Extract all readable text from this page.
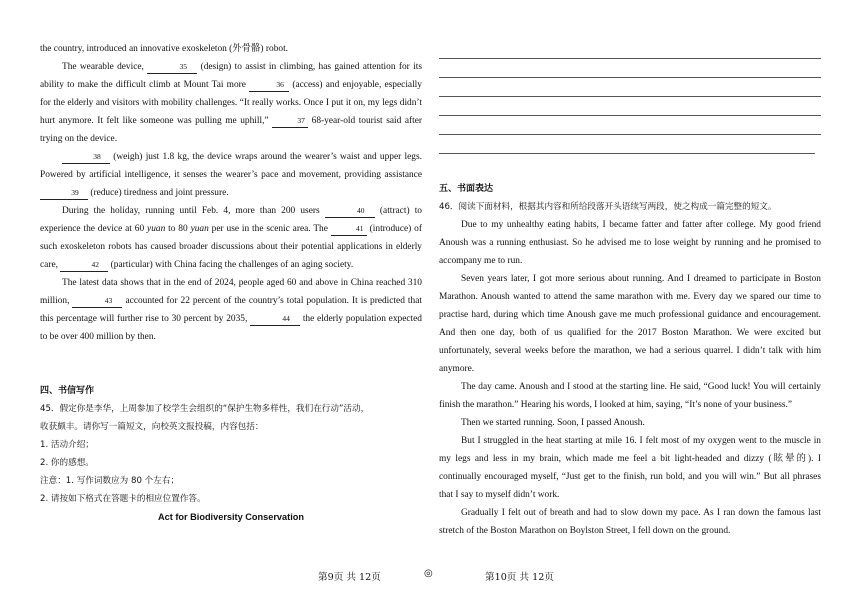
the country, introduced an innovative exoskeleton (外骨骼) robot.

The wearable device,	35 (design) to assist in climbing, has gained attention for its ability to make the difficult climb at Mount Tai more	36 (access) and enjoyable, especially for the elderly and visitors with mobility challenges. “It really works. Once I put it on, my legs didn’t hurt anymore. It felt like someone was pulling me uphill,”	37 68-year-old tourist said after trying on the device.

38 (weigh) just 1.8 kg, the device wraps around the wearer’s waist and upper legs. Powered by artificial intelligence, it senses the wearer’s pace and movement, providing assistance 39 (reduce) tiredness and joint pressure.

During the holiday, running until Feb. 4, more than 200 users	40 (attract) to experience the device at 60 yuan to 80 yuan per use in the scenic area. The	41 (introduce) of such exoskeleton robots has caused broader discussions about their potential applications in elderly care,	42 (particular) with China facing the challenges of an aging society.

The latest data shows that in the end of 2024, people aged 60 and above in China reached 310 million,	43 accounted for 22 percent of the country’s total population. It is predicted that this percentage will further rise to 30 percent by 2035,	44 the elderly population expected to be over 400 million by then.

四、书信写作

45．假定你是李华，上周参加了校学生会组织的“保护生物多样性，我们在行动”活动，

收获颇丰。请你写一篇短文，向校英文报投稿，内容包括：

1. 活动介绍；

2. 你的感想。

注意：1. 写作词数应为 80 个左右；

2. 请按如下格式在答题卡的相应位置作答。

Act for Biodiversity Conservation

五、书面表达

46．阅读下面材料，根据其内容和所给段落开头语续写两段，使之构成一篇完整的短文。

Due to my unhealthy eating habits, I became fatter and fatter after college. My good friend Anoush was a running enthusiast. So he advised me to lose weight by running and he promised to accompany me to run.

Seven years later, I got more serious about running. And I dreamed to participate in Boston Marathon. Anoush wanted to attend the same marathon with me. Every day we spared our time to practise hard, during which time Anoush gave me much professional guidance and encouragement. And then one day, both of us qualified for the 2017 Boston Marathon. We were excited but unfortunately, several weeks before the marathon, we had a serious quarrel. I didn’t talk with him anymore.

The day came. Anoush and I stood at the starting line. He said, “Good luck! You will certainly finish the marathon.” Hearing his words, I looked at him, saying, “It’s none of your business.”

Then we started running. Soon, I passed Anoush.

But I struggled in the heat starting at mile 16. I felt most of my oxygen went to the muscle in my legs and less in my brain, which made me feel a bit light-headed and dizzy (眩晕的). I continually encouraged myself, “Just get to the finish, run bold, and you will win.” But all phrases that I say to myself didn’t work.

Gradually I felt out of breath and had to slow down my pace. As I ran down the famous last stretch of the Boston Marathon on Boylston Street, I fell down on the ground.

第9页 共 12页	◎	第10页 共 12页
